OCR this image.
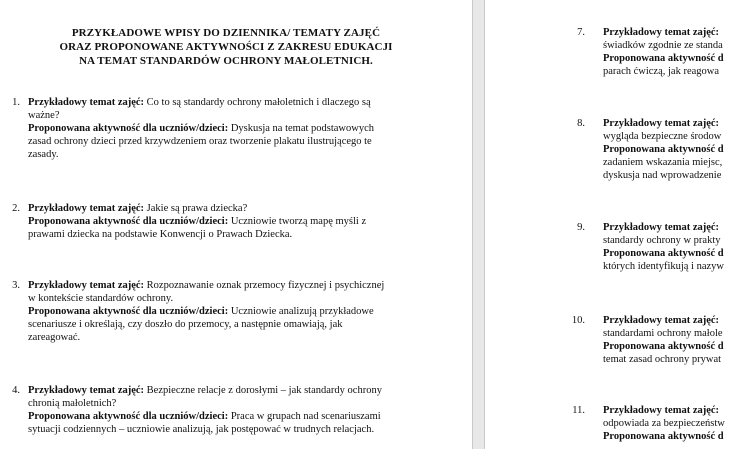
PRZYKŁADOWE WPISY DO DZIENNIKA/ TEMATY ZAJĘĆ
ORAZ PROPONOWANE AKTYWNOŚCI Z ZAKRESU EDUKACJI
NA TEMAT STANDARDÓW OCHRONY MAŁOLETNICH.
1. Przykładowy temat zajęć: Co to są standardy ochrony małoletnich i dlaczego są
ważne?
Proponowana aktywność dla uczniów/dzieci: Dyskusja na temat podstawowych
zasad ochrony dzieci przed krzywdzeniem oraz tworzenie plakatu ilustrującego te
zasady.
2. Przykładowy temat zajęć: Jakie są prawa dziecka?
Proponowana aktywność dla uczniów/dzieci: Uczniowie tworzą mapę myśli z
prawami dziecka na podstawie Konwencji o Prawach Dziecka.
3. Przykładowy temat zajęć: Rozpoznawanie oznak przemocy fizycznej i psychicznej
w kontekście standardów ochrony.
Proponowana aktywność dla uczniów/dzieci: Uczniowie analizują przykładowe
scenariusze i określają, czy doszło do przemocy, a następnie omawiają, jak
zareagować.
4. Przykładowy temat zajęć: Bezpieczne relacje z dorosłymi – jak standardy ochrony
chronią małoletnich?
Proponowana aktywność dla uczniów/dzieci: Praca w grupach nad scenariuszami
sytuacji codziennych – uczniowie analizują, jak postępować w trudnych relacjach.
7. Przykładowy temat zajęć:
świadków zgodnie ze standa
Proponowana aktywność d
parach ćwiczą, jak reagowa
8. Przykładowy temat zajęć:
wygląda bezpieczne środow
Proponowana aktywność d
zadaniem wskazania miejsc,
dyskusja nad wprowadzenie
9. Przykładowy temat zajęć:
standardy ochrony w prakty
Proponowana aktywność d
których identyfikują i nazyw
10. Przykładowy temat zajęć:
standardami ochrony małole
Proponowana aktywność d
temat zasad ochrony prywat
11. Przykładowy temat zajęć:
odpowiada za bezpieczeństw
Proponowana aktywność d
